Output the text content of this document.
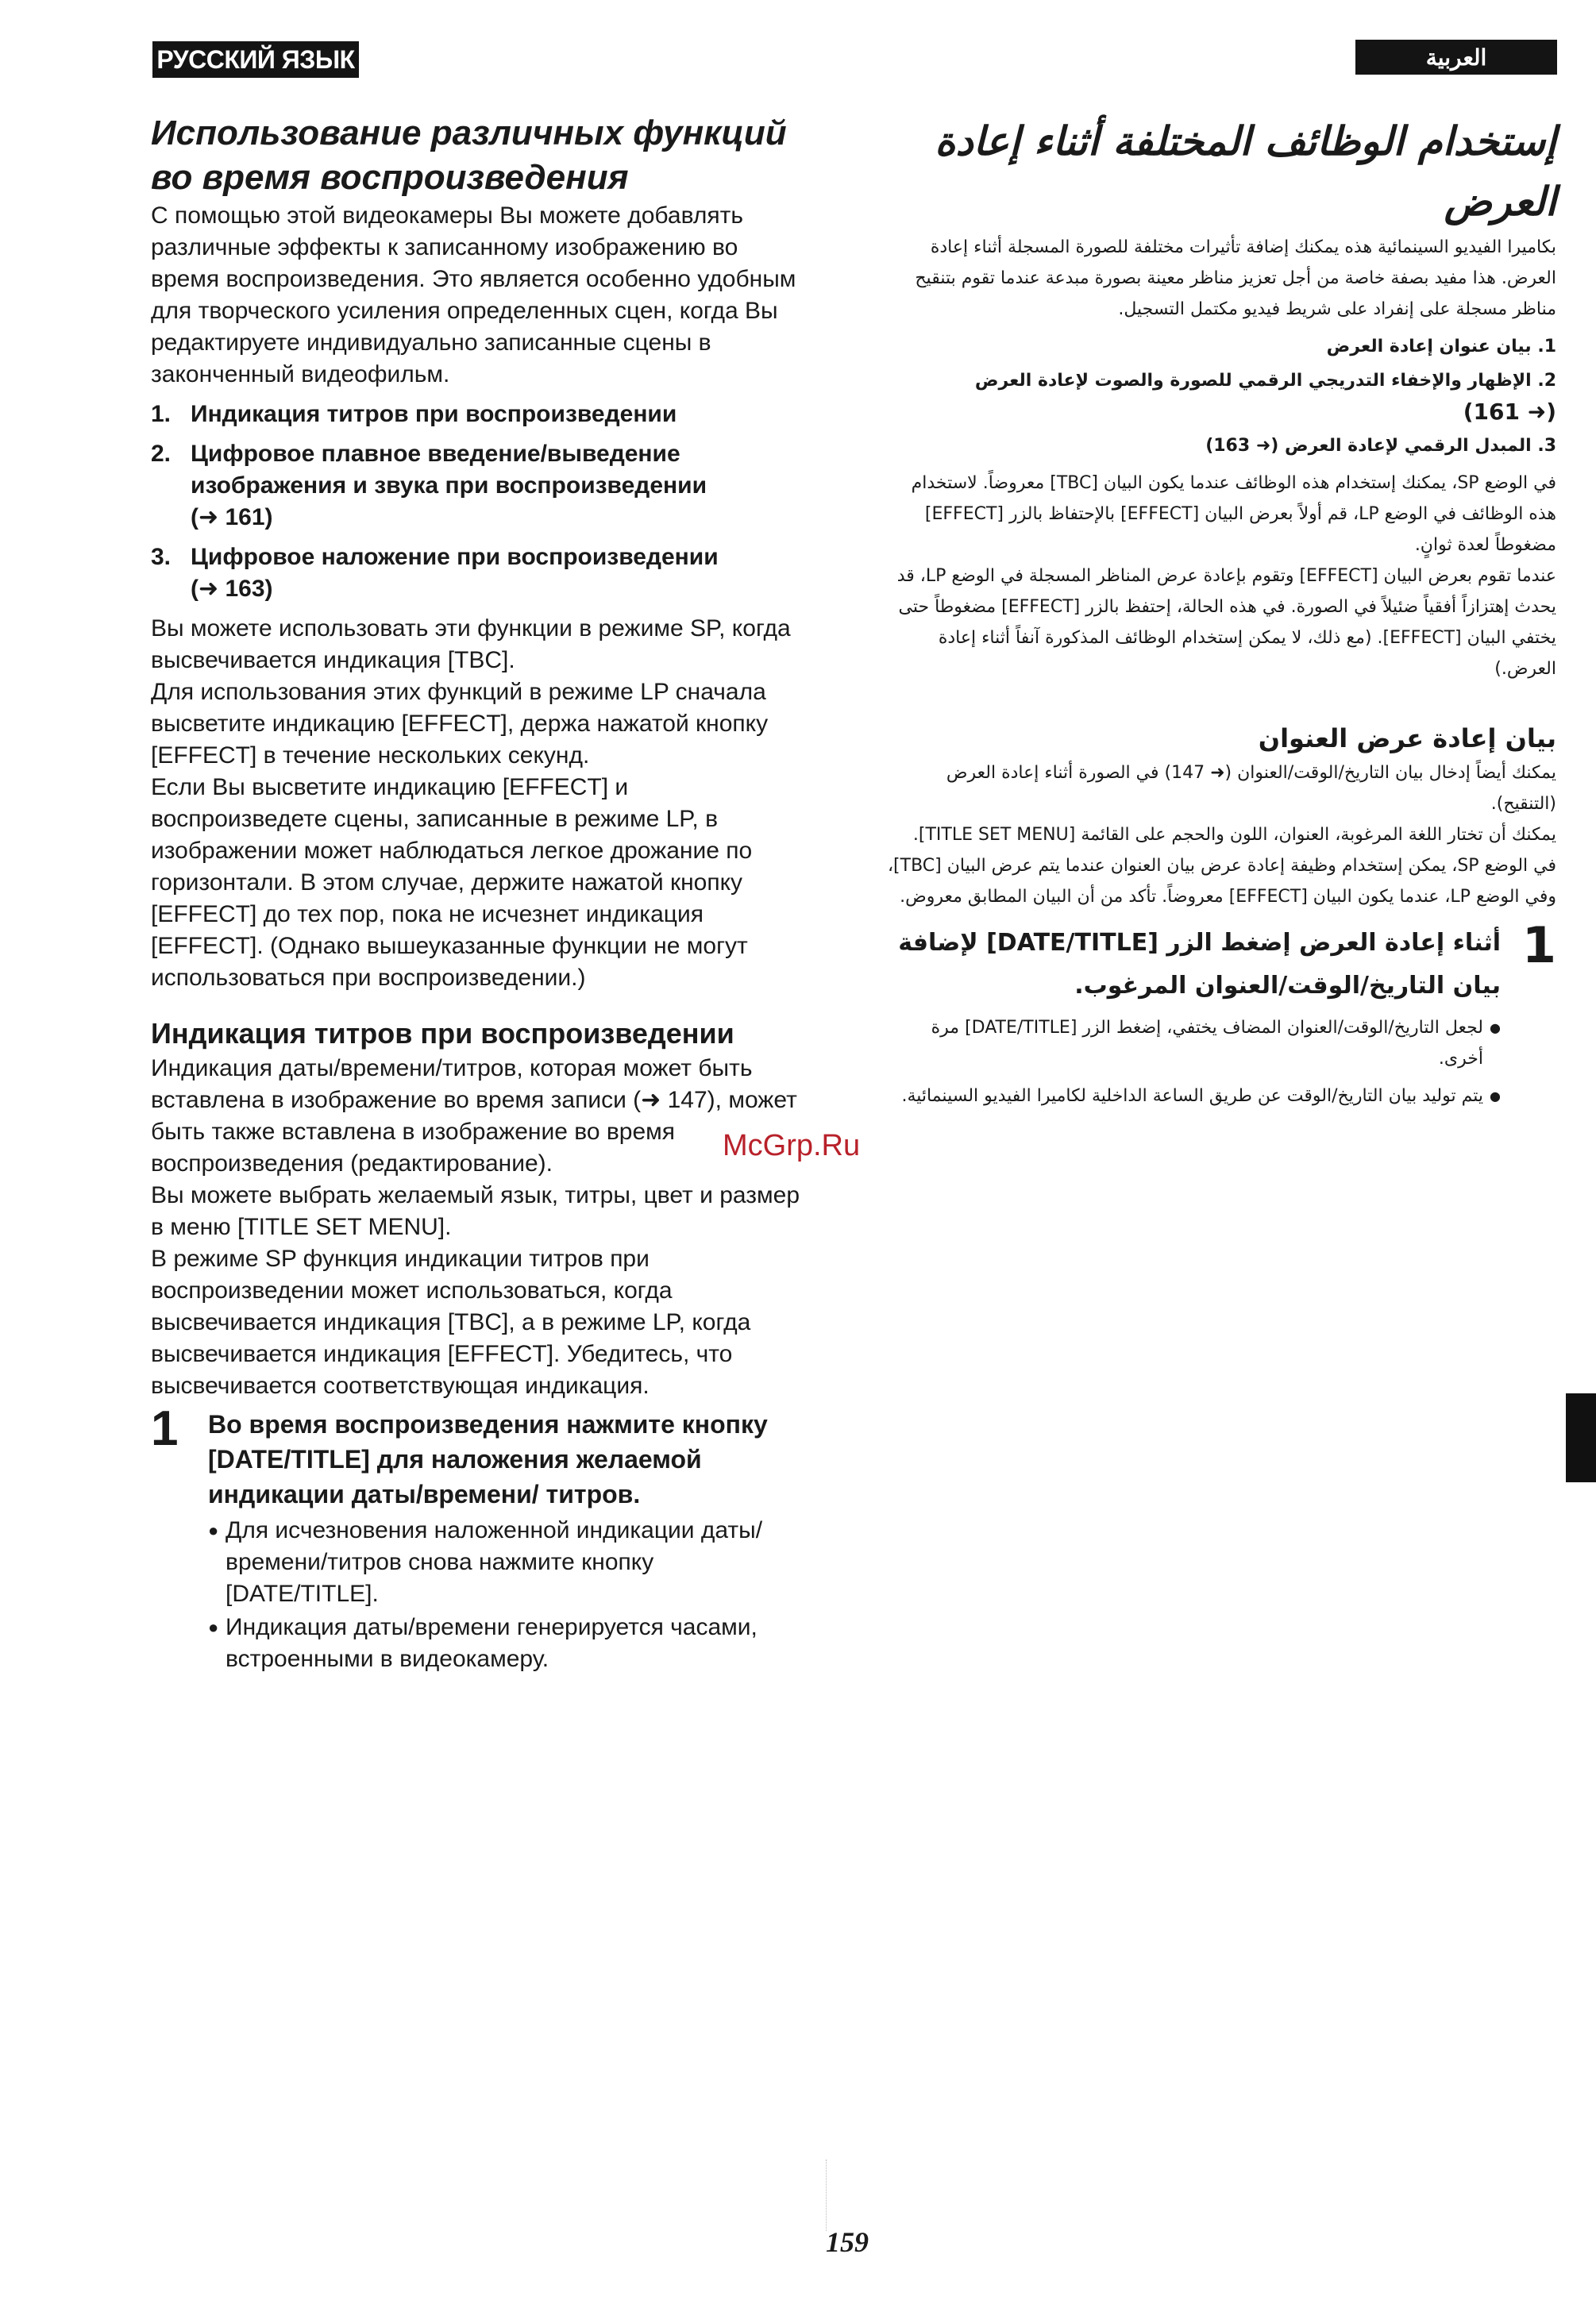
РУССКИЙ ЯЗЫК	العربية
Использование различных функций во время воспроизведения

С помощью этой видеокамеры Вы можете добавлять различные эффекты к записанному изображению во время воспроизведения. Это является особенно удобным для творческого усиления определенных сцен, когда Вы редактируете индивидуально записанные сцены в законченный видеофильм.

1. Индикация титров при воспроизведении
2. Цифровое плавное введение/выведение изображения и звука при воспроизведении
(➜ 161)
3. Цифровое наложение при воспроизведении
(➜ 163)

Вы можете использовать эти функции в режиме SP, когда высвечивается индикация [TBC].

Для использования этих функций в режиме LP сначала высветите индикацию [EFFECT], держа нажатой кнопку [EFFECT] в течение нескольких секунд.

Если Вы высветите индикацию [EFFECT] и воспроизведете сцены, записанные в режиме LP, в изображении может наблюдаться легкое дрожание по горизонтали. В этом случае, держите нажатой кнопку [EFFECT] до тех пор, пока не исчезнет индикация [EFFECT]. (Однако вышеуказанные функции не могут использоваться при воспроизведении.)

Индикация титров при воспроизведении

Индикация даты/времени/титров, которая может быть вставлена в изображение во время записи (➜ 147), может быть также вставлена в изображение во время воспроизведения (редактирование).

Вы можете выбрать желаемый язык, титры, цвет и размер в меню [TITLE SET MENU].

В режиме SP функция индикации титров при воспроизведении может использоваться, когда высвечивается индикация [TBC], а в режиме LP, когда высвечивается индикация [EFFECT]. Убедитесь, что высвечивается соответствующая индикация.

1	Во время воспроизведения нажмите кнопку [DATE/TITLE] для наложения желаемой индикации даты/времени/ титров.
● Для исчезновения наложенной индикации даты/времени/титров снова нажмите кнопку [DATE/TITLE].
● Индикация даты/времени генерируется часами, встроенными в видеокамеру.
McGrp.Ru
إستخدام الوظائف المختلفة أثناء إعادة العرض

بكاميرا الفيديو السينمائية هذه يمكنك إضافة تأثيرات مختلفة للصورة المسجلة أثناء إعادة العرض. هذا مفيد بصفة خاصة من أجل تعزيز مناظر معينة بصورة مبدعة عندما تقوم بتنقيح مناظر مسجلة على إنفراد على شريط فيديو مكتمل التسجيل.

1. بيان عنوان إعادة العرض
2. الإظهار والإخفاء التدريجي الرقمي للصورة والصوت لإعادة العرض
(➜ 161)
3. المبدل الرقمي لإعادة العرض (➜ 163)

في الوضع SP، يمكنك إستخدام هذه الوظائف عندما يكون البيان [TBC] معروضاً. لاستخدام هذه الوظائف في الوضع LP، قم أولاً بعرض البيان [EFFECT] بالإحتفاظ بالزر [EFFECT] مضغوطاً لعدة ثوانٍ.

عندما تقوم بعرض البيان [EFFECT] وتقوم بإعادة عرض المناظر المسجلة في الوضع LP، قد يحدث إهتزازاً أفقياً ضئيلاً في الصورة. في هذه الحالة، إحتفظ بالزر [EFFECT] مضغوطاً حتى يختفي البيان [EFFECT]. (مع ذلك، لا يمكن إستخدام الوظائف المذكورة آنفاً أثناء إعادة العرض.)

بيان إعادة عرض العنوان

يمكنك أيضاً إدخال بيان التاريخ/الوقت/العنوان (➜ 147) في الصورة أثناء إعادة العرض (التنقيح).

يمكنك أن تختار اللغة المرغوبة، العنوان، اللون والحجم على القائمة [TITLE SET MENU].

في الوضع SP، يمكن إستخدام وظيفة إعادة عرض بيان العنوان عندما يتم عرض البيان [TBC]، وفي الوضع LP، عندما يكون البيان [EFFECT] معروضاً. تأكد من أن البيان المطابق معروض.

1
أثناء إعادة العرض إضغط الزر [DATE/TITLE] لإضافة بيان التاريخ/الوقت/العنوان المرغوب.
● لجعل التاريخ/الوقت/العنوان المضاف يختفي، إضغط الزر [DATE/TITLE] مرة أخرى.
● يتم توليد بيان التاريخ/الوقت عن طريق الساعة الداخلية لكاميرا الفيديو السينمائية.
159
